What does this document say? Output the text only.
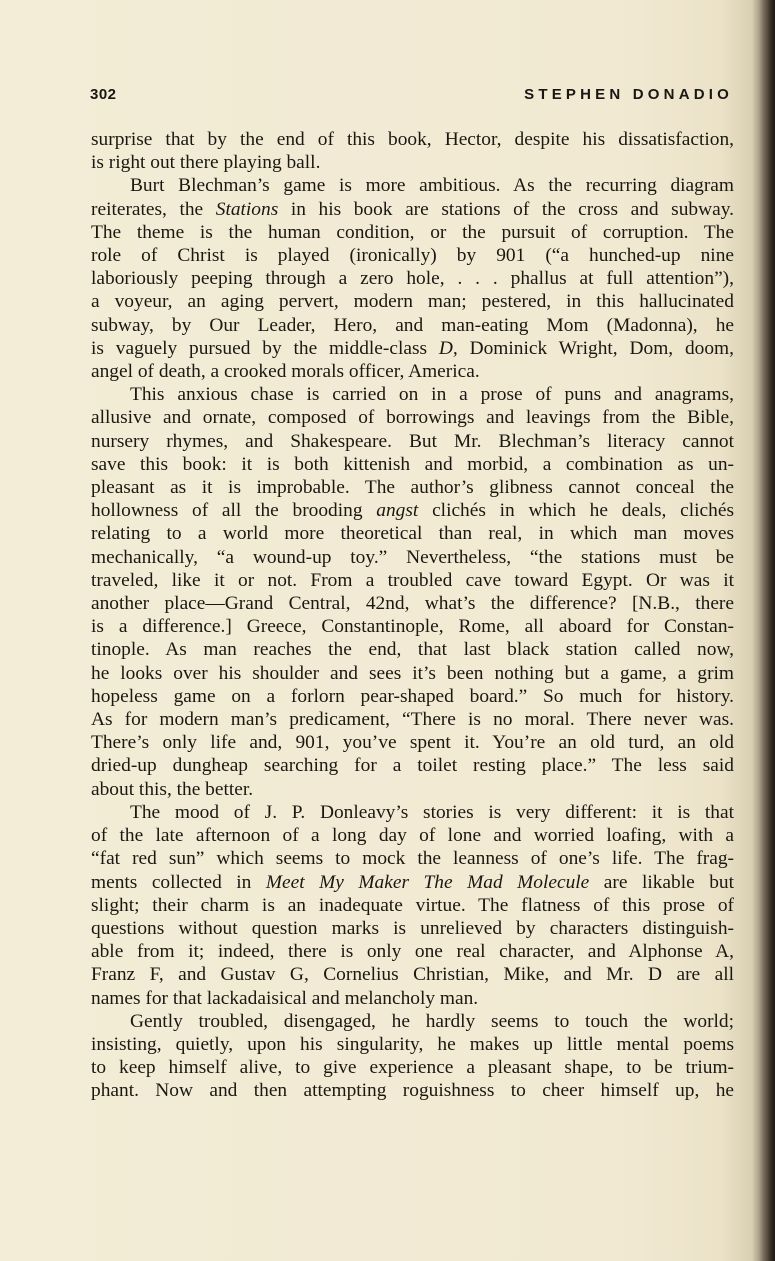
302	STEPHEN DONADIO

surprise that by the end of this book, Hector, despite his dissatisfaction,

is right out there playing ball.

Burt Blechman’s game is more ambitious. As the recurring diagram

reiterates, the Stations in his book are stations of the cross and subway.

The theme is the human condition, or the pursuit of corruption. The

role of Christ is played (ironically) by 901 (“a hunched-up nine

laboriously peeping through a zero hole, . . . phallus at full attention”),

a voyeur, an aging pervert, modern man; pestered, in this hallucinated

subway, by Our Leader, Hero, and man-eating Mom (Madonna), he

is vaguely pursued by the middle-class D, Dominick Wright, Dom, doom,

angel of death, a crooked morals officer, America.

This anxious chase is carried on in a prose of puns and anagrams,

allusive and ornate, composed of borrowings and leavings from the Bible,

nursery rhymes, and Shakespeare. But Mr. Blechman’s literacy cannot

save this book: it is both kittenish and morbid, a combination as un-

pleasant as it is improbable. The author’s glibness cannot conceal the

hollowness of all the brooding angst clichés in which he deals, clichés

relating to a world more theoretical than real, in which man moves

mechanically, “a wound-up toy.” Nevertheless, “the stations must be

traveled, like it or not. From a troubled cave toward Egypt. Or was it

another place—Grand Central, 42nd, what’s the difference? [N.B., there

is a difference.] Greece, Constantinople, Rome, all aboard for Constan-

tinople. As man reaches the end, that last black station called now,

he looks over his shoulder and sees it’s been nothing but a game, a grim

hopeless game on a forlorn pear-shaped board.” So much for history.

As for modern man’s predicament, “There is no moral. There never was.

There’s only life and, 901, you’ve spent it. You’re an old turd, an old

dried-up dungheap searching for a toilet resting place.” The less said

about this, the better.

The mood of J. P. Donleavy’s stories is very different: it is that

of the late afternoon of a long day of lone and worried loafing, with a

“fat red sun” which seems to mock the leanness of one’s life. The frag-

ments collected in Meet My Maker The Mad Molecule are likable but

slight; their charm is an inadequate virtue. The flatness of this prose of

questions without question marks is unrelieved by characters distinguish-

able from it; indeed, there is only one real character, and Alphonse A,

Franz F, and Gustav G, Cornelius Christian, Mike, and Mr. D are all

names for that lackadaisical and melancholy man.

Gently troubled, disengaged, he hardly seems to touch the world;

insisting, quietly, upon his singularity, he makes up little mental poems

to keep himself alive, to give experience a pleasant shape, to be trium-

phant. Now and then attempting roguishness to cheer himself up, he
